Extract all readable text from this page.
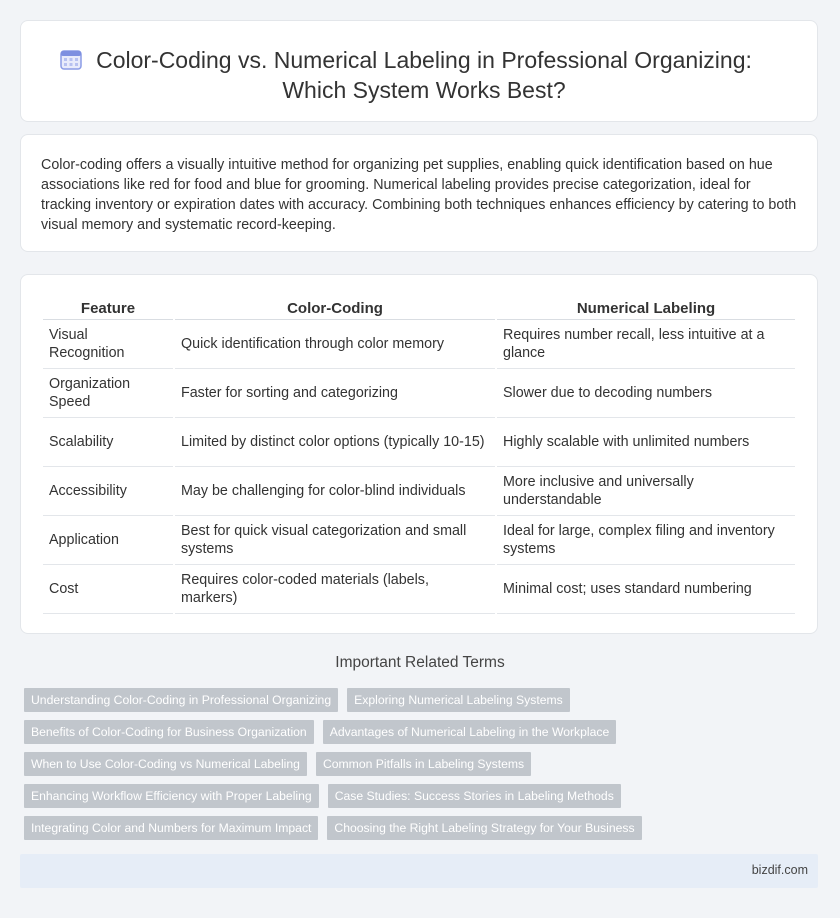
Color-Coding vs. Numerical Labeling in Professional Organizing: Which System Works Best?
Color-coding offers a visually intuitive method for organizing pet supplies, enabling quick identification based on hue associations like red for food and blue for grooming. Numerical labeling provides precise categorization, ideal for tracking inventory or expiration dates with accuracy. Combining both techniques enhances efficiency by catering to both visual memory and systematic record-keeping.
Feature	Color-Coding	Numerical Labeling
Visual Recognition	Quick identification through color memory	Requires number recall, less intuitive at a glance
Organization Speed	Faster for sorting and categorizing	Slower due to decoding numbers
Scalability	Limited by distinct color options (typically 10-15)	Highly scalable with unlimited numbers
Accessibility	May be challenging for color-blind individuals	More inclusive and universally understandable
Application	Best for quick visual categorization and small systems	Ideal for large, complex filing and inventory systems
Cost	Requires color-coded materials (labels, markers)	Minimal cost; uses standard numbering
Important Related Terms
Understanding Color-Coding in Professional Organizing Exploring Numerical Labeling Systems
Benefits of Color-Coding for Business Organization Advantages of Numerical Labeling in the Workplace
When to Use Color-Coding vs Numerical Labeling Common Pitfalls in Labeling Systems
Enhancing Workflow Efficiency with Proper Labeling Case Studies: Success Stories in Labeling Methods
Integrating Color and Numbers for Maximum Impact Choosing the Right Labeling Strategy for Your Business
bizdif.com
